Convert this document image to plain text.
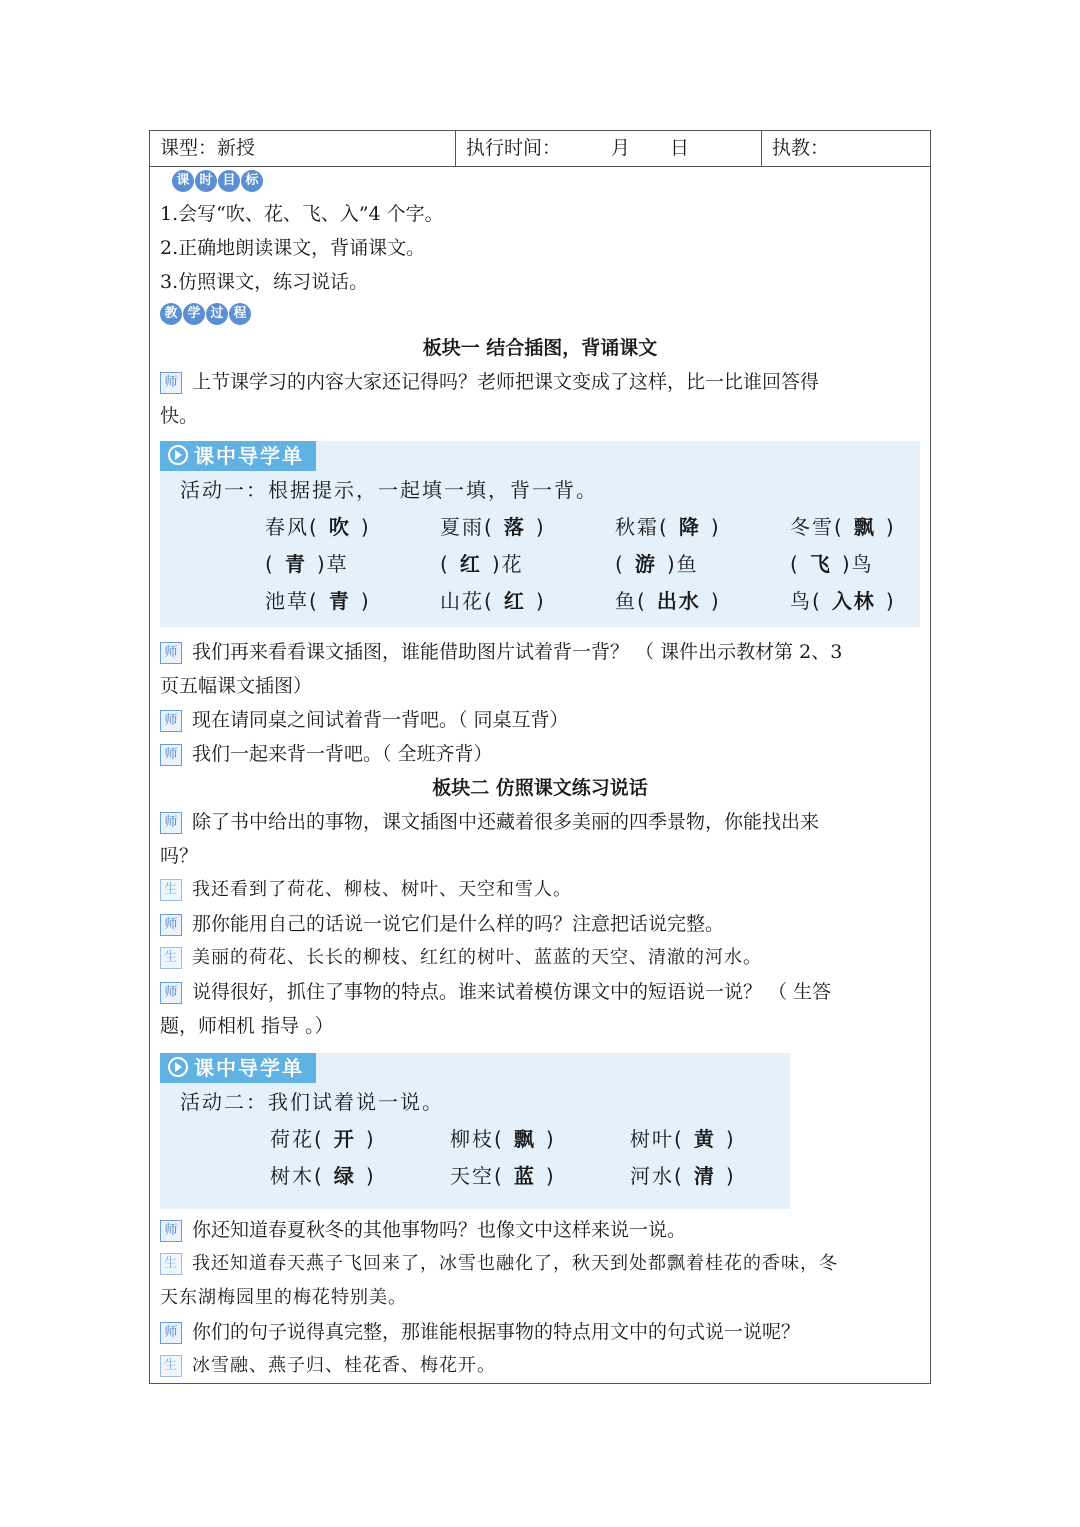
课型：新授	执行时间：	月 日	执教：
课 时 目 标
1.会写“吹、花、飞、入”4 个字。
2.正确地朗读课文，背诵课文。
3.仿照课文，练习说话。
教 学 过 程
板块一 结合插图，背诵课文
师 上节课学习的内容大家还记得吗？老师把课文变成了这样，比一比谁回答得
快。
课中导学单
活动一：根据提示，一起填一填，背一背。
春风( 吹 )	夏雨( 落 )	秋霜( 降 )	冬雪( 飘 )
( 青 )草	( 红 )花	( 游 )鱼	( 飞 )鸟
池草( 青 )	山花( 红 )	鱼( 出水 )	鸟( 入林 )
师 我们再来看看课文插图，谁能借助图片试着背一背？ （ 课件出示教材第 2、3
页五幅课文插图）
师 现在请同桌之间试着背一背吧。（ 同桌互背）
师 我们一起来背一背吧。（ 全班齐背）
板块二 仿照课文练习说话
师 除了书中给出的事物，课文插图中还藏着很多美丽的四季景物，你能找出来
吗？
生 我还看到了荷花、柳枝、树叶、天空和雪人。
师 那你能用自己的话说一说它们是什么样的吗？注意把话说完整。
生 美丽的荷花、长长的柳枝、红红的树叶、蓝蓝的天空、清澈的河水。
师 说得很好，抓住了事物的特点。谁来试着模仿课文中的短语说一说？ （ 生答
题，师相机 指导 。）
课中导学单
活动二：我们试着说一说。
荷花( 开 )	柳枝( 飘 )	树叶( 黄 )
树木( 绿 )	天空( 蓝 )	河水( 清 )
师 你还知道春夏秋冬的其他事物吗？也像文中这样来说一说。
生 我还知道春天燕子飞回来了，冰雪也融化了，秋天到处都飘着桂花的香味，冬
天东湖梅园里的梅花特别美。
师 你们的句子说得真完整，那谁能根据事物的特点用文中的句式说一说呢？
生 冰雪融、燕子归、桂花香、梅花开。
